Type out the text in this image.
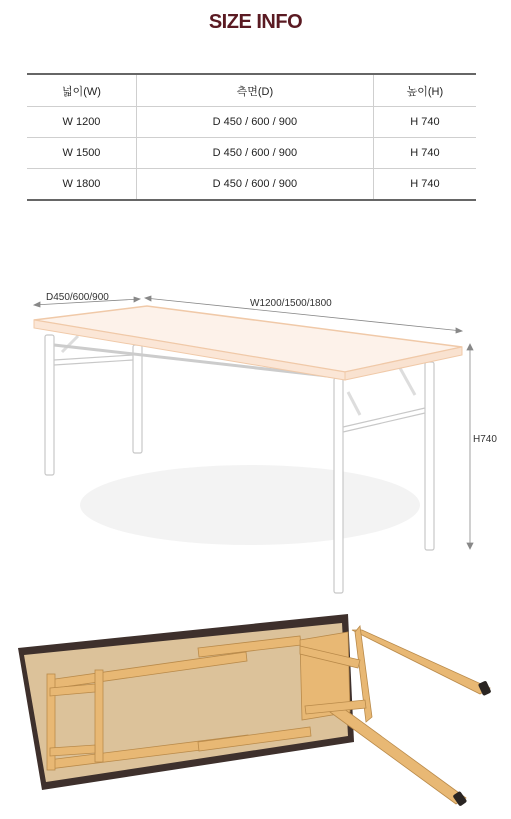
SIZE INFO
넓이(W)	측면(D)	높이(H)
W 1200	D 450 / 600 / 900	H 740
W 1500	D 450 / 600 / 900	H 740
W 1800	D 450 / 600 / 900	H 740
D450/600/900
W1200/1500/1800
H740
